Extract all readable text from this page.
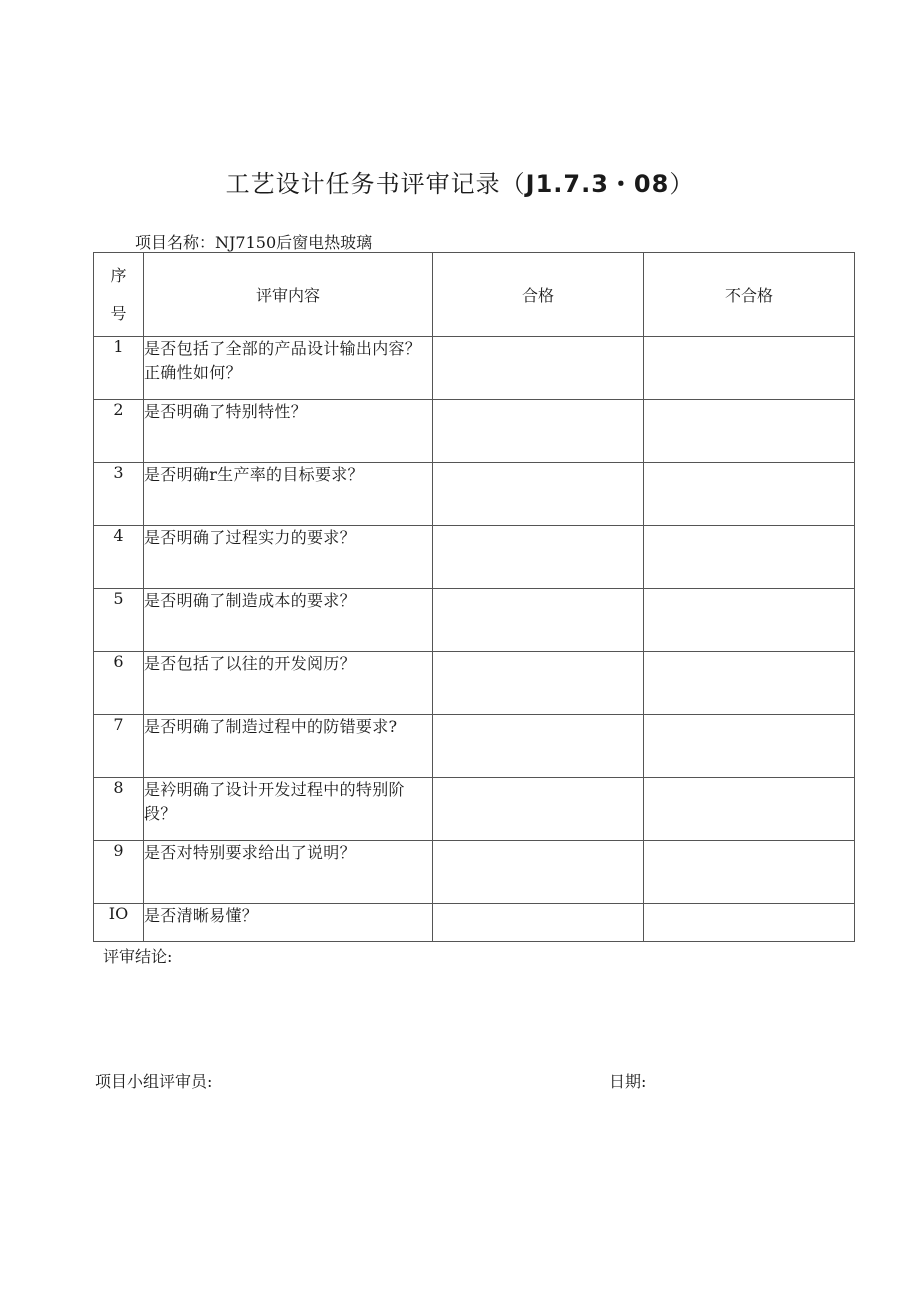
工艺设计任务书评审记录（J1.7.3・08）
项目名称：NJ7150后窗电热玻璃
序
号	评审内容	合格	不合格
1	是否包括了全部的产品设计输出内容？正确性如何？		
2	是否明确了特别特性？		
3	是否明确r生产率的目标要求？		
4	是否明确了过程实力的要求？		
5	是否明确了制造成本的要求？		
6	是否包括了以往的开发阅历？		
7	是否明确了制造过程中的防错要求?		
8	是衿明确了设计开发过程中的特别阶段？		
9	是否对特别要求给出了说明？		
IO	是否清晰易懂？		
评审结论:
项目小组评审员:	日期:
